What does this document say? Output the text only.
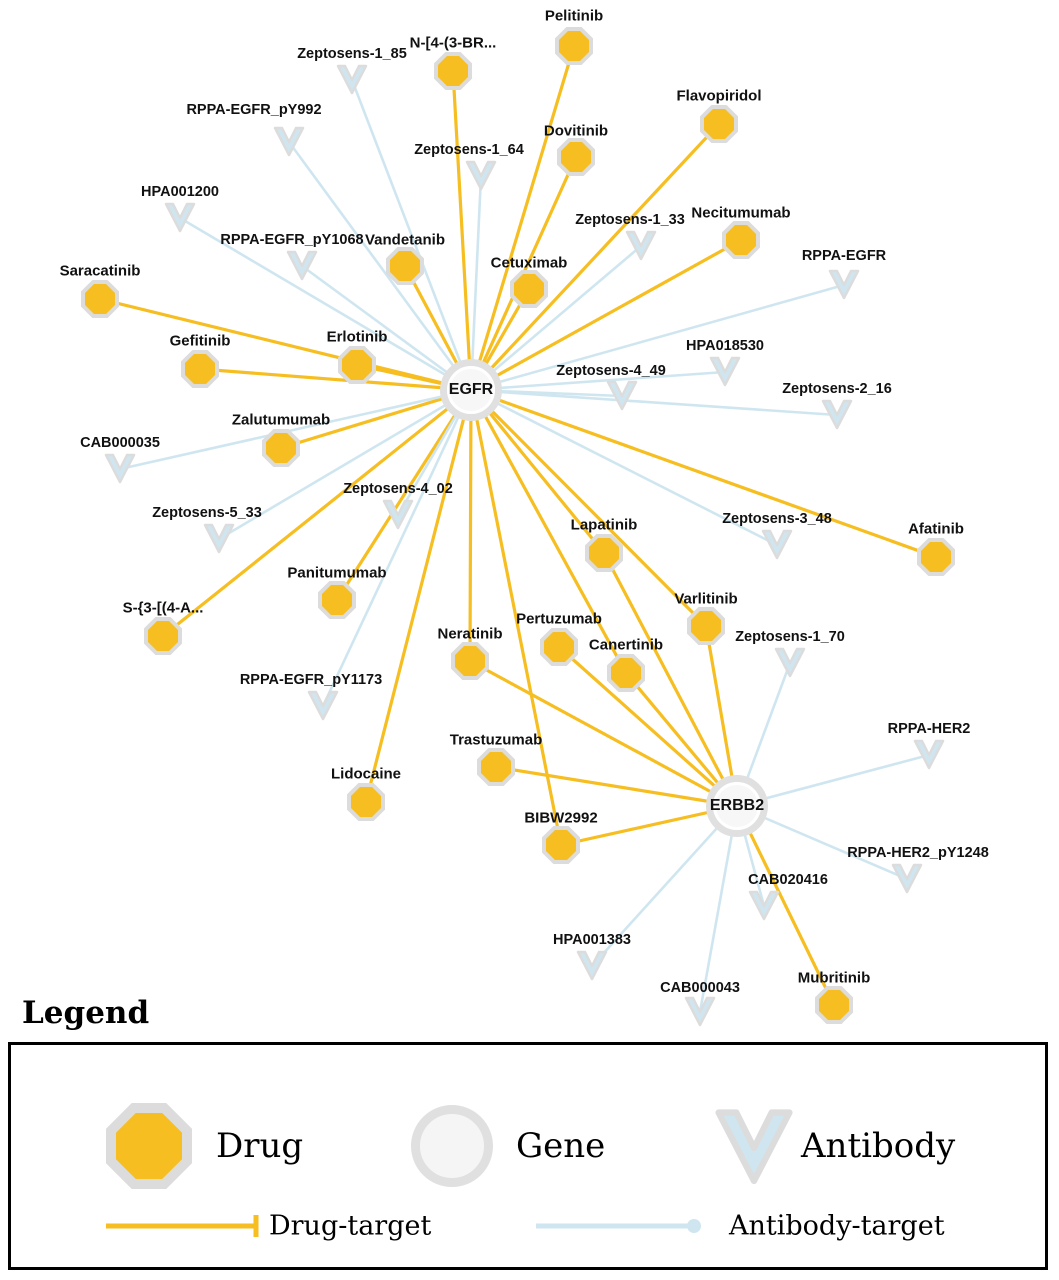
Pelitinib
N-[4-(3-BR...
Flavopiridol
Dovitinib
Necitumumab
Vandetanib
Cetuximab
Saracatinib
Gefitinib	Erlotinib
Zalutumumab
Afatinib
Lapatinib
Varlitinib
Panitumumab
S-{3-[(4-A...
Pertuzumab
Neratinib
Canertinib
Trastuzumab
Lidocaine
BIBW2992
Mubritinib
Zeptosens-1_85
RPPA-EGFR_pY992
Zeptosens-1_64
HPA001200
Zeptosens-1_33
RPPA-EGFR_pY1068
RPPA-EGFR
HPA018530
Zeptosens-4_49
Zeptosens-2_16
CAB000035
Zeptosens-4_02
Zeptosens-5_33	Zeptosens-3_48
Zeptosens-1_70
RPPA-EGFR_pY1173
RPPA-HER2
RPPA-HER2_pY1248
CAB020416
HPA001383
CAB000043
EGFR
ERBB2
Legend
Drug	Gene	Antibody
Drug-target	Antibody-target
